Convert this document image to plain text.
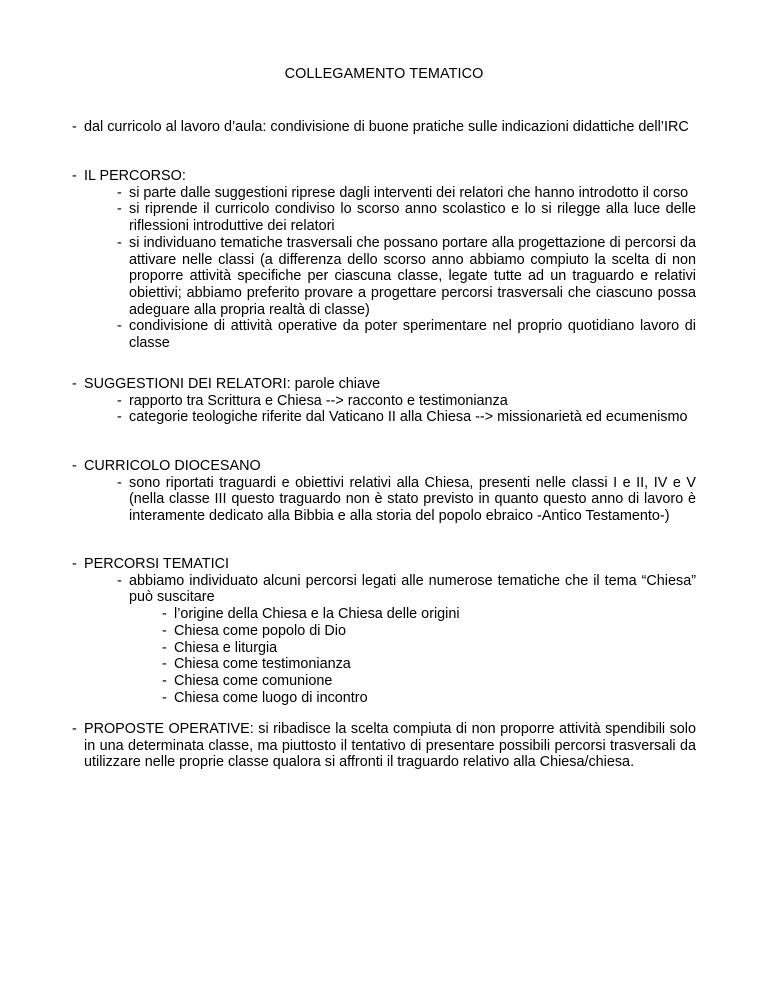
COLLEGAMENTO TEMATICO
- dal curricolo al lavoro d’aula: condivisione di buone pratiche sulle indicazioni didattiche dell’IRC
- IL PERCORSO:
- si parte dalle suggestioni riprese dagli interventi dei relatori che hanno introdotto il corso
- si riprende il curricolo condiviso lo scorso anno scolastico e lo si rilegge alla luce delle riflessioni introduttive dei relatori
- si individuano tematiche trasversali che possano portare alla progettazione di percorsi da attivare nelle classi (a differenza dello scorso anno abbiamo compiuto la scelta di non proporre attività specifiche per ciascuna classe, legate tutte ad un traguardo e relativi obiettivi; abbiamo preferito provare a progettare percorsi trasversali che ciascuno possa adeguare alla propria realtà di classe)
- condivisione di attività operative da poter sperimentare nel proprio quotidiano lavoro di classe
- SUGGESTIONI DEI RELATORI: parole chiave
- rapporto tra Scrittura e Chiesa --> racconto e testimonianza
- categorie teologiche riferite dal Vaticano II alla Chiesa --> missionarietà ed ecumenismo
- CURRICOLO DIOCESANO
- sono riportati traguardi e obiettivi relativi alla Chiesa, presenti nelle classi I e II, IV e V (nella classe III questo traguardo non è stato previsto in quanto questo anno di lavoro è interamente dedicato alla Bibbia e alla storia del popolo ebraico -Antico Testamento-)
- PERCORSI TEMATICI
- abbiamo individuato alcuni percorsi legati alle numerose tematiche che il tema “Chiesa” può suscitare
- l’origine della Chiesa e la Chiesa delle origini
- Chiesa come popolo di Dio
- Chiesa e liturgia
- Chiesa come testimonianza
- Chiesa come comunione
- Chiesa come luogo di incontro
- PROPOSTE OPERATIVE: si ribadisce la scelta compiuta di non proporre attività spendibili solo in una determinata classe, ma piuttosto il tentativo di presentare possibili percorsi trasversali da utilizzare nelle proprie classe qualora si affronti il traguardo relativo alla Chiesa/chiesa.
